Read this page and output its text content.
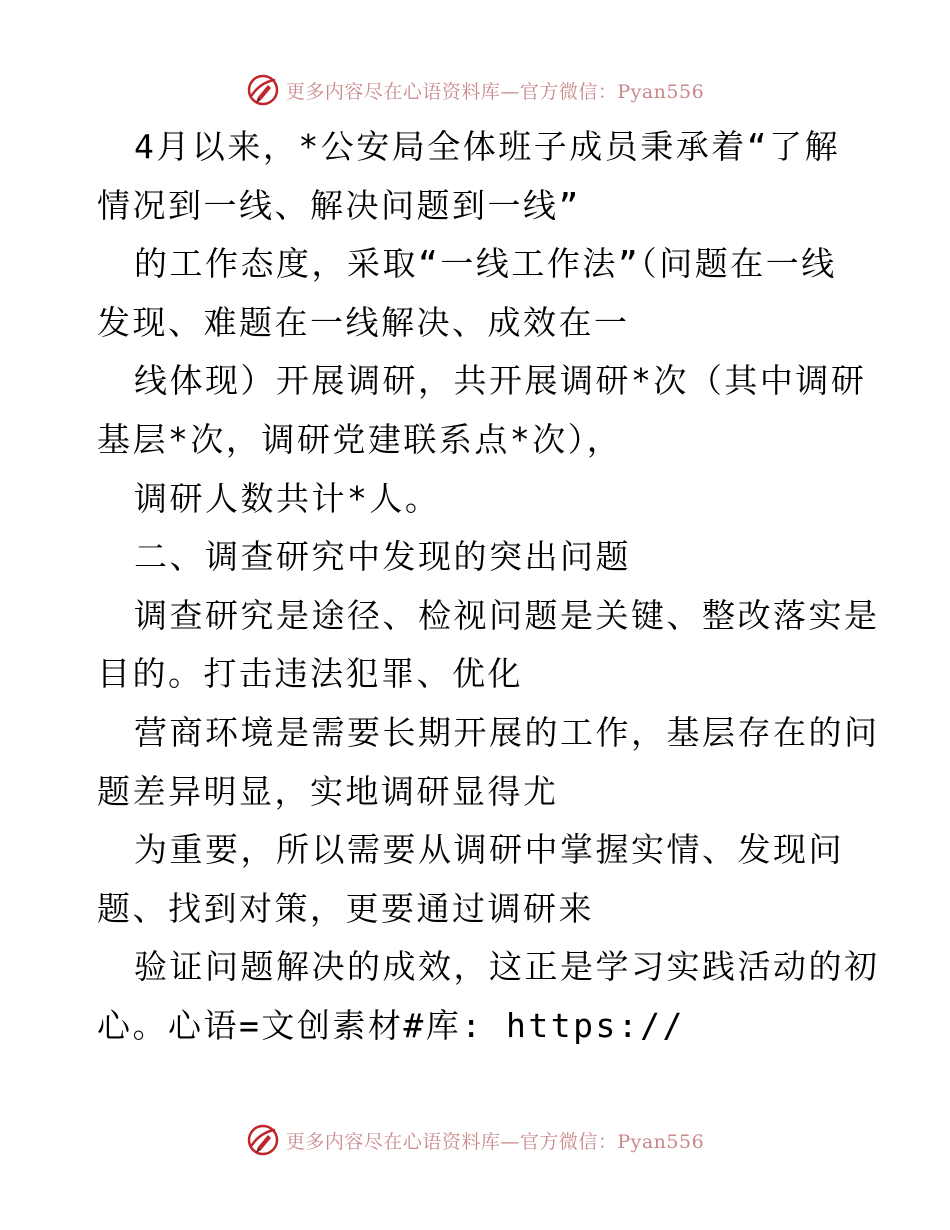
更多内容尽在心语资料库—官方微信：Pyan556
4月以来，*公安局全体班子成员秉承着“了解
情况到一线、解决问题到一线”
的工作态度，采取“一线工作法”（问题在一线
发现、难题在一线解决、成效在一
线体现）开展调研，共开展调研*次（其中调研
基层*次，调研党建联系点*次），
调研人数共计*人。
二、调查研究中发现的突出问题
调查研究是途径、检视问题是关键、整改落实是
目的。打击违法犯罪、优化
营商环境是需要长期开展的工作，基层存在的问
题差异明显，实地调研显得尤
为重要，所以需要从调研中掌握实情、发现问
题、找到对策，更要通过调研来
验证问题解决的成效，这正是学习实践活动的初
心。心语=文创素材#库: https://
更多内容尽在心语资料库—官方微信：Pyan556
